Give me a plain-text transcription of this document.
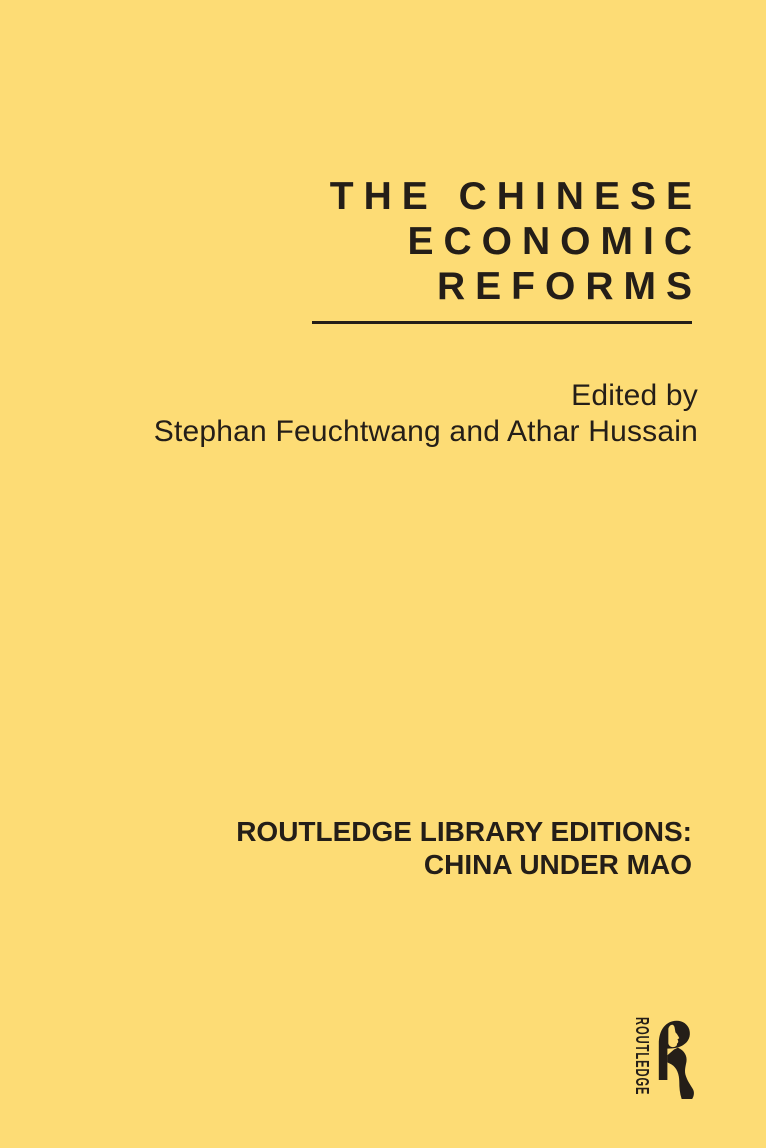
THE CHINESE
ECONOMIC
REFORMS
Edited by
Stephan Feuchtwang and Athar Hussain
ROUTLEDGE LIBRARY EDITIONS:
CHINA UNDER MAO
ROUTLEDGE
